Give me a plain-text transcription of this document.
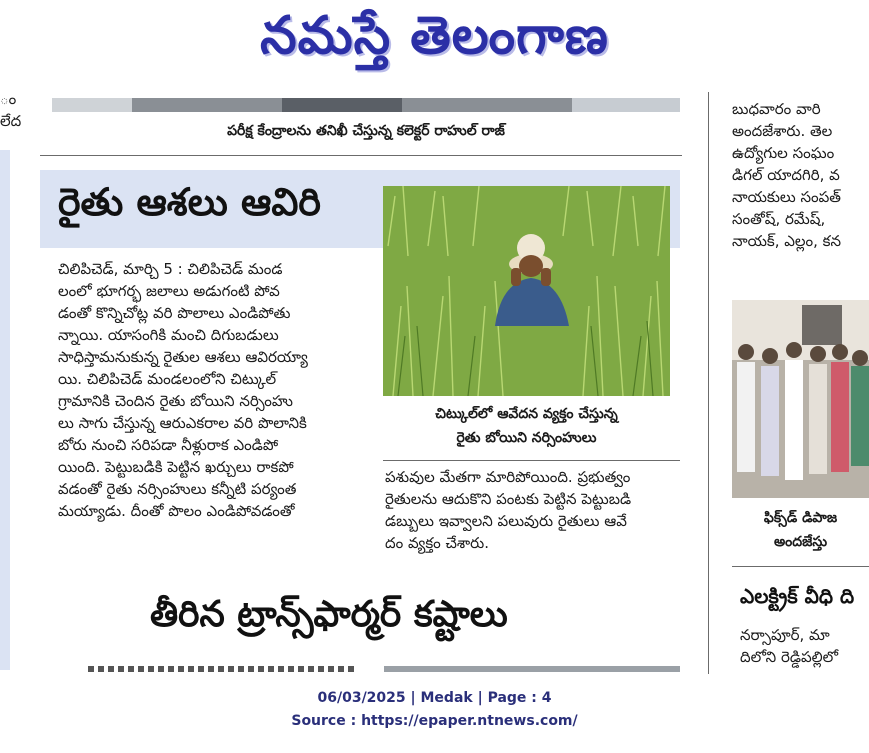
నమస్తే తెలంగాణ
ం
లేద
పరీక్ష కేంద్రాలను తనిఖీ చేస్తున్న కలెక్టర్ రాహుల్ రాజ్
రైతు ఆశలు ఆవిరి
చిలిపిచెడ్, మార్చి 5 : చిలిపిచెడ్ మండ
లంలో భూగర్భ జలాలు అడుగంటి పోవ
డంతో కొన్నిచోట్ల వరి పొలాలు ఎండిపోతు
న్నాయి. యాసంగికి మంచి దిగుబడులు
సాధిస్తామనుకున్న రైతుల ఆశలు ఆవిరయ్యా
యి. చిలిపిచెడ్ మండలంలోని చిట్కుల్
గ్రామానికి చెందిన రైతు బోయిని నర్సింహు
లు సాగు చేస్తున్న ఆరుఎకరాల వరి పొలానికి
బోరు నుంచి సరిపడా నీళ్లురాక ఎండిపో
యింది. పెట్టుబడికి పెట్టిన ఖర్చులు రాకపో
వడంతో రైతు నర్సింహులు కన్నీటి పర్యంత
మయ్యాడు. దీంతో పొలం ఎండిపోవడంతో
చిట్కుల్‌లో ఆవేదన వ్యక్తం చేస్తున్న
రైతు బోయిని నర్సింహులు
పశువుల మేతగా మారిపోయింది. ప్రభుత్వం
రైతులను ఆదుకొని పంటకు పెట్టిన పెట్టుబడి
డబ్బులు ఇవ్వాలని పలువురు రైతులు ఆవే
దం వ్యక్తం చేశారు.
తీరిన ట్రాన్స్‌ఫార్మర్ కష్టాలు
బుధవారం వారి
అందజేశారు. తెల
ఉద్యోగుల సంఘం
డిగల్ యాదగిరి, వ
నాయకులు సంపత్
సంతోష్, రమేష్,
నాయక్, ఎల్లం, కన
ఫిక్స్‌డ్ డిపాజ
అందజేస్తు
ఎలక్ట్రిక్ వీధి ది
నర్సాపూర్, మా
దిలోని రెడ్డిపల్లిలో
06/03/2025 | Medak | Page : 4
Source : https://epaper.ntnews.com/
